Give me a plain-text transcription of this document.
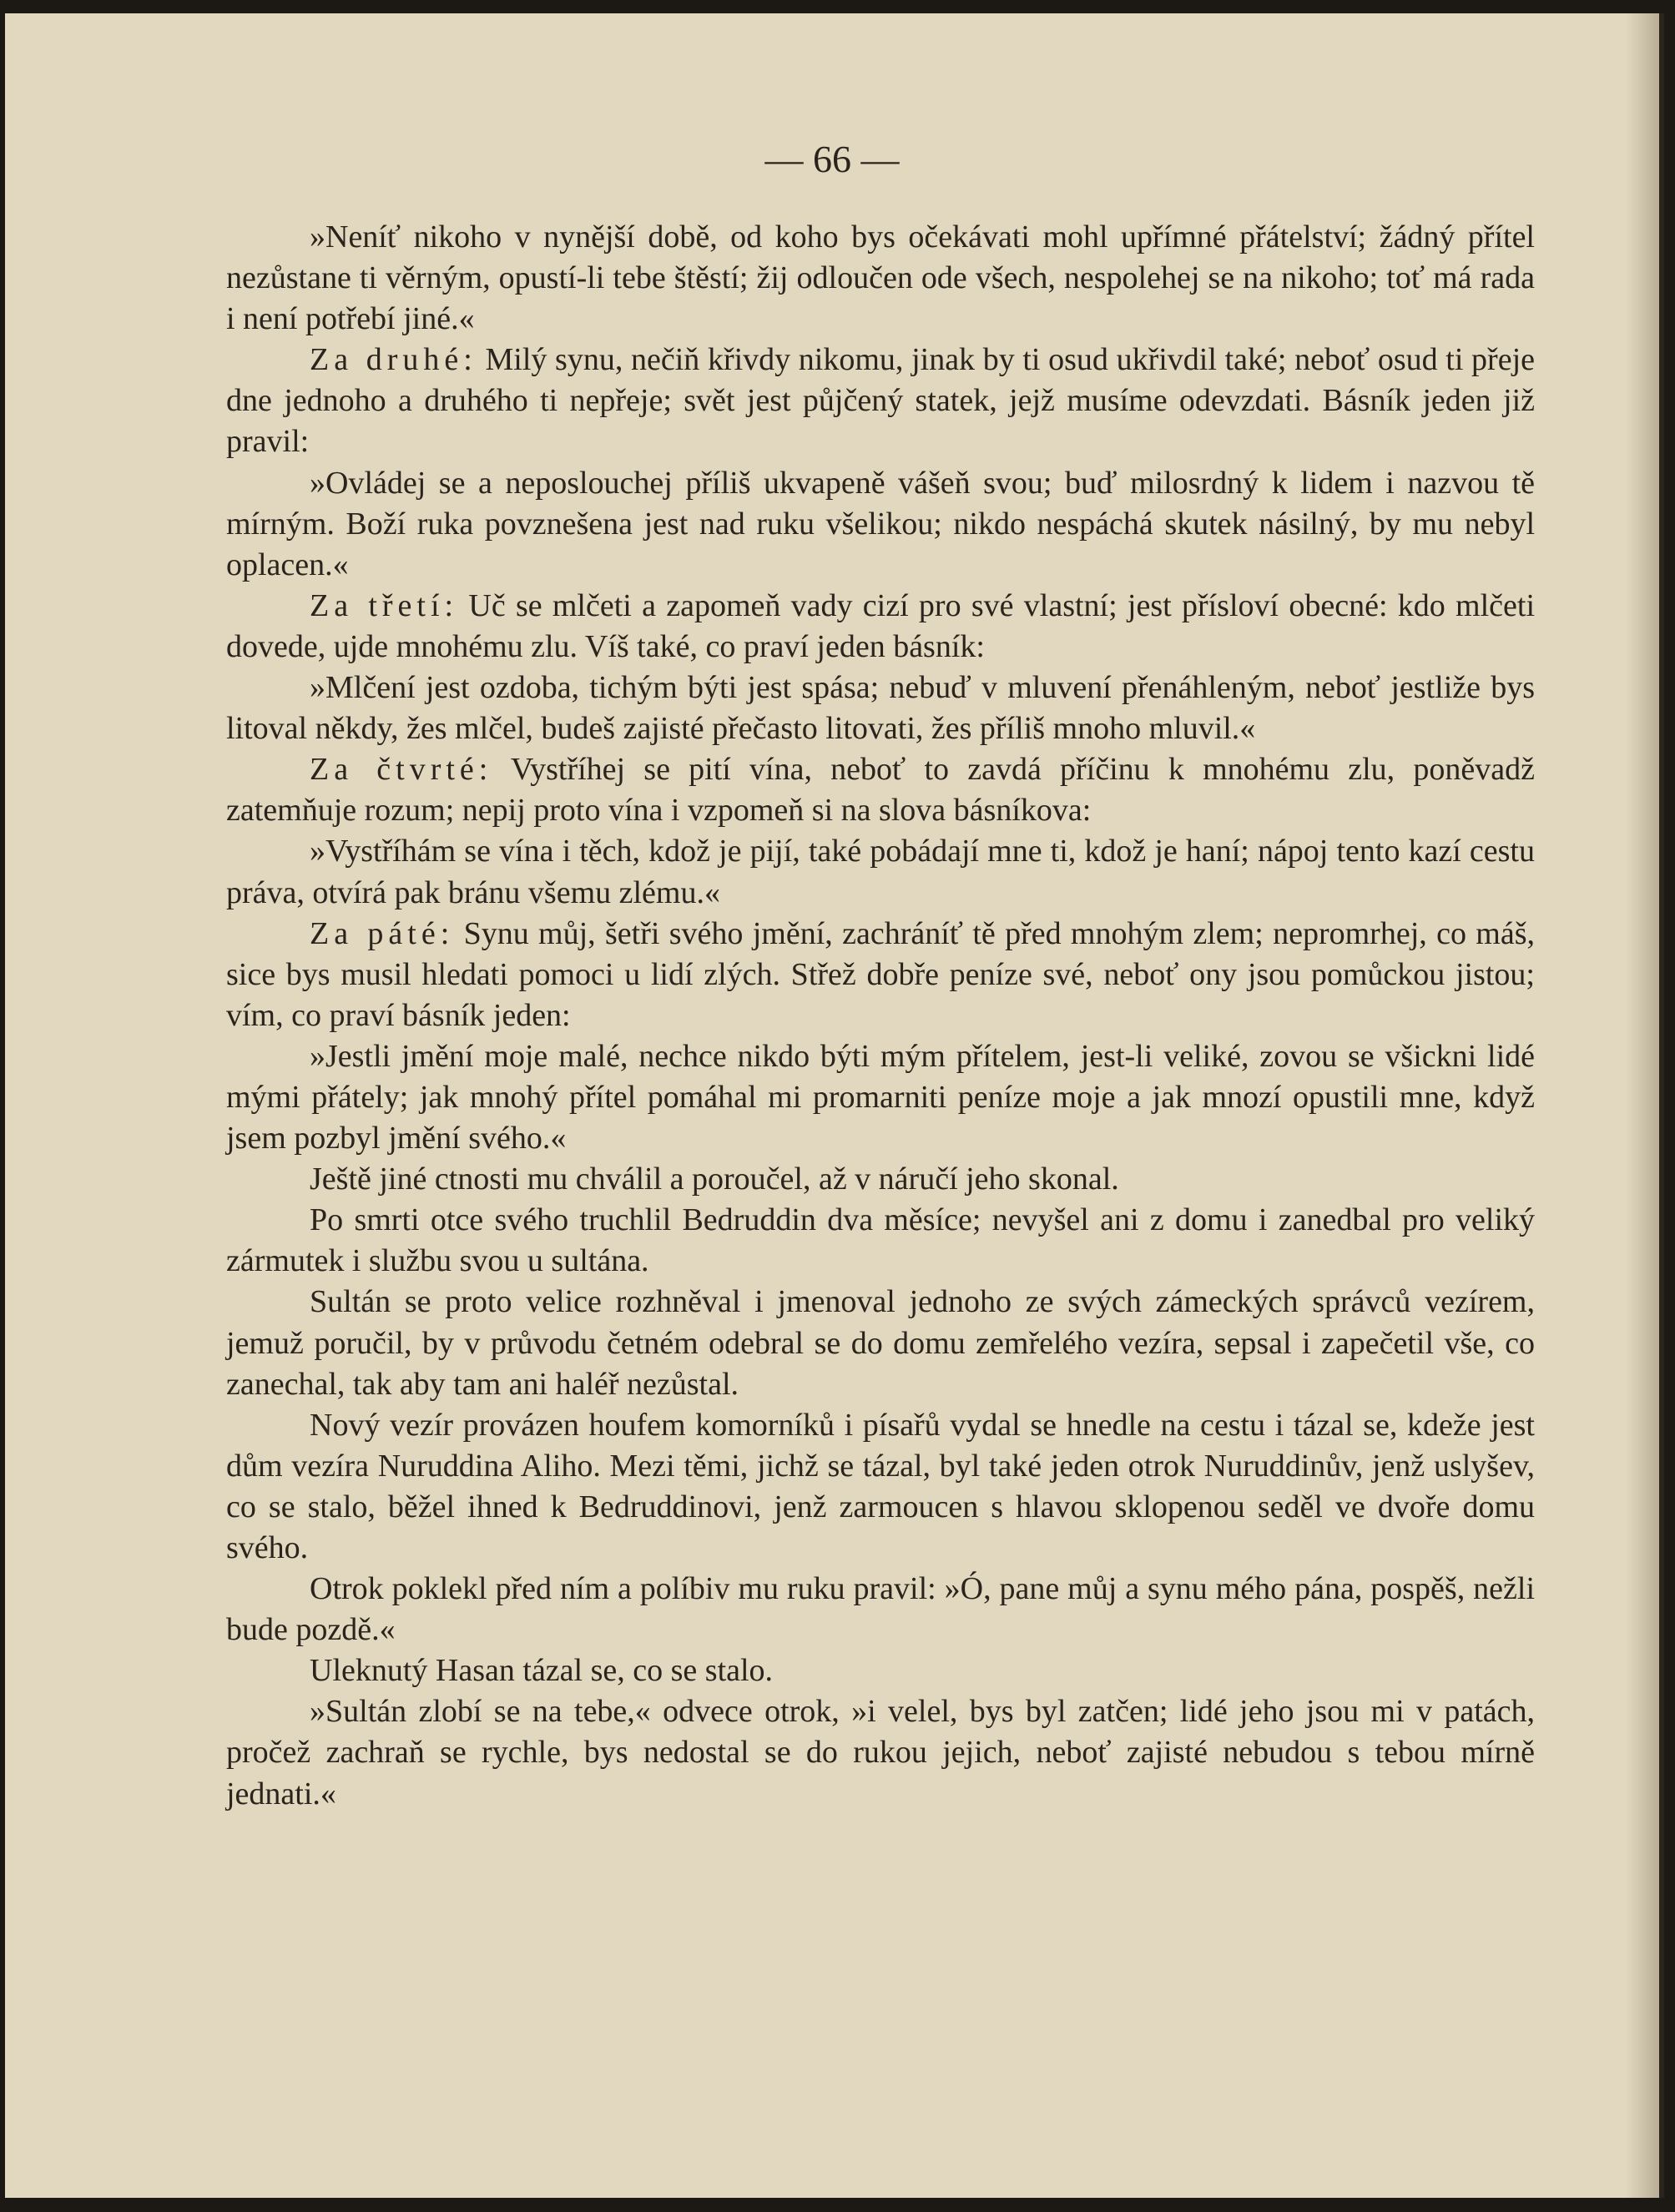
— 66 —

»Neníť nikoho v nynější době, od koho bys očekávati mohl upřímné přátelství; žádný přítel nezůstane ti věrným, opustí-li tebe štěstí; žij odloučen ode všech, nespolehej se na nikoho; toť má rada i není potřebí jiné.«

Za druhé: Milý synu, nečiň křivdy nikomu, jinak by ti osud ukřivdil také; neboť osud ti přeje dne jednoho a druhého ti nepřeje; svět jest půjčený statek, jejž musíme odevzdati. Básník jeden již pravil:

»Ovládej se a neposlouchej příliš ukvapeně vášeň svou; buď milosrdný k lidem i nazvou tě mírným. Boží ruka povznešena jest nad ruku všelikou; nikdo nespáchá skutek násilný, by mu nebyl oplacen.«

Za třetí: Uč se mlčeti a zapomeň vady cizí pro své vlastní; jest přísloví obecné: kdo mlčeti dovede, ujde mnohému zlu. Víš také, co praví jeden básník:

»Mlčení jest ozdoba, tichým býti jest spása; nebuď v mluvení přenáhleným, neboť jestliže bys litoval někdy, žes mlčel, budeš zajisté přečasto litovati, žes příliš mnoho mluvil.«

Za čtvrté: Vystříhej se pití vína, neboť to zavdá příčinu k mnohému zlu, poněvadž zatemňuje rozum; nepij proto vína i vzpomeň si na slova básníkova:

»Vystříhám se vína i těch, kdož je pijí, také pobádají mne ti, kdož je haní; nápoj tento kazí cestu práva, otvírá pak bránu všemu zlému.«

Za páté: Synu můj, šetři svého jmění, zachráníť tě před mnohým zlem; nepromrhej, co máš, sice bys musil hledati pomoci u lidí zlých. Střež dobře peníze své, neboť ony jsou pomůckou jistou; vím, co praví básník jeden:

»Jestli jmění moje malé, nechce nikdo býti mým přítelem, jest-li veliké, zovou se všickni lidé mými přátely; jak mnohý přítel pomáhal mi promarniti peníze moje a jak mnozí opustili mne, když jsem pozbyl jmění svého.«

Ještě jiné ctnosti mu chválil a poroučel, až v náručí jeho skonal.

Po smrti otce svého truchlil Bedruddin dva měsíce; nevyšel ani z domu i zanedbal pro veliký zármutek i službu svou u sultána.

Sultán se proto velice rozhněval i jmenoval jednoho ze svých zámeckých správců vezírem, jemuž poručil, by v průvodu četném odebral se do domu zemřelého vezíra, sepsal i zapečetil vše, co zanechal, tak aby tam ani haléř nezůstal.

Nový vezír provázen houfem komorníků i písařů vydal se hnedle na cestu i tázal se, kdeže jest dům vezíra Nuruddina Aliho. Mezi těmi, jichž se tázal, byl také jeden otrok Nuruddinův, jenž uslyšev, co se stalo, běžel ihned k Bedruddinovi, jenž zarmoucen s hlavou sklopenou seděl ve dvoře domu svého.

Otrok poklekl před ním a políbiv mu ruku pravil: »Ó, pane můj a synu mého pána, pospěš, nežli bude pozdě.«

Uleknutý Hasan tázal se, co se stalo.

»Sultán zlobí se na tebe,« odvece otrok, »i velel, bys byl zatčen; lidé jeho jsou mi v patách, pročež zachraň se rychle, bys nedostal se do rukou jejich, neboť zajisté nebudou s tebou mírně jednati.«
